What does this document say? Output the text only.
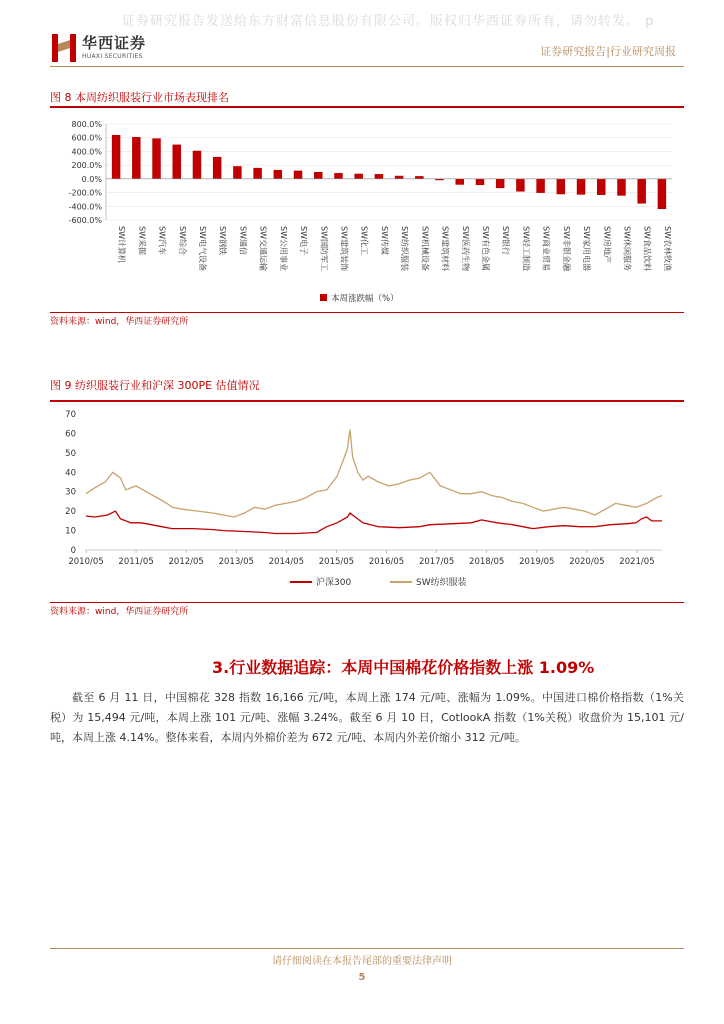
证券研究报告发送给东方财富信息股份有限公司。版权归华西证券所有，请勿转发。 p
华西证券
HUAXI SECURITIES	证券研究报告|行业研究周报
图 8 本周纺织服装行业市场表现排名
800.0%
600.0%
400.0%
200.0%
0.0%
-200.0%
-400.0%
-600.0%
SW计算机 SW采掘 SW汽车 SW综合 SW电气设备 SW钢铁 SW通信 SW交通运输 SW公用事业 SW电子 SW国防军工 SW建筑装饰 SW化工 SW传媒 SW纺织服装 SW机械设备 SW建筑材料 SW医药生物 SW有色金属 SW银行 SW轻工制造 SW商业贸易 SW非银金融 SW家用电器 SW房地产 SW休闲服务 SW食品饮料 SW农林牧渔
本周涨跌幅（%）
资料来源：wind，华西证券研究所
图 9 纺织服装行业和沪深 300PE 估值情况
0
10
20
30
40
50
60
70
2010/05 2011/05 2012/05 2013/05 2014/05 2015/05 2016/05 2017/05 2018/05 2019/05 2020/05 2021/05
沪深300	SW纺织服装
资料来源：wind，华西证券研究所
3.行业数据追踪：本周中国棉花价格指数上涨 1.09%

截至 6 月 11 日，中国棉花 328 指数 16,166 元/吨，本周上涨 174 元/吨、涨幅为 1.09%。中国进口棉价格指数（1%关税）为 15,494 元/吨，本周上涨 101 元/吨、涨幅 3.24%。截至 6 月 10 日，CotlookA 指数（1%关税）收盘价为 15,101 元/吨，本周上涨 4.14%。整体来看，本周内外棉价差为 672 元/吨、本周内外差价缩小 312 元/吨。

请仔细阅读在本报告尾部的重要法律声明
5
